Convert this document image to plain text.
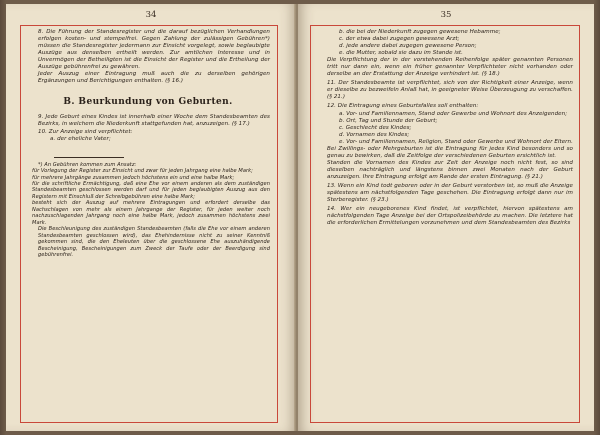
34

8. Die Führung der Standesregister und die darauf bezüglichen Verhandlungen erfolgen kosten- und stempelfrei. Gegen Zahlung der zulässigen Gebühren*) müssen die Standesregister jedermann zur Einsicht vorgelegt, sowie beglaubigte Auszüge aus denselben ertheilt werden. Zur amtlichen Interesse und in Unvermögen der Betheiligten ist die Einsicht der Register und die Ertheilung der Auszüge gebührenfrei zu gewähren.

Jeder Auszug einer Eintragung muß auch die zu derselben gehörigen Ergänzungen und Berichtigungen enthalten. (§ 16.)

B. Beurkundung von Geburten.

9. Jede Geburt eines Kindes ist innerhalb einer Woche dem Standesbeamten des Bezirks, in welchem die Niederkunft stattgefunden hat, anzuzeigen. (§ 17.)

10. Zur Anzeige sind verpflichtet:

a. der eheliche Vater;

*) An Gebühren kommen zum Ansatz:

für Vorlegung der Register zur Einsicht und zwar für jeden Jahrgang eine halbe Mark;

für mehrere Jahrgänge zusammen jedoch höchstens ein und eine halbe Mark;

für die schriftliche Ermächtigung, daß eine Ehe vor einem anderen als dem zuständigen Standesbeamten geschlossen werden darf und für jeden beglaubigten Auszug aus den Registern mit Einschluß der Schreibgebühren eine halbe Mark;

besteht sich der Auszug auf mehrere Eintragungen und erfordert derselbe das Nachschlagen von mehr als einem Jahrgange der Register, für jeden weiter noch nachzuschlagenden Jahrgang noch eine halbe Mark, jedoch zusammen höchstens zwei Mark.

Die Beschleunigung des zuständigen Standesbeamten (falls die Ehe vor einem anderen Standesbeamten geschlossen wird), das Ehehindernisse nicht zu seiner Kenntniß gekommen sind, die den Eheleuten über die geschlossene Ehe auszuhändigende Bescheinigung, Bescheinigungen zum Zweck der Taufe oder der Beerdigung sind gebührenfrei.

35

b. die bei der Niederkunft zugegen gewesene Hebamme;

c. der etwa dabei zugegen gewesene Arzt;

d. jede andere dabei zugegen gewesene Person;

e. die Mutter, sobald sie dazu im Stande ist.

Die Verpflichtung der in der vorstehenden Reihenfolge später genannten Personen tritt nur dann ein, wenn ein früher genannter Verpflichteter nicht vorhanden oder derselbe an der Erstattung der Anzeige verhindert ist. (§ 18.)

11. Der Standesbeamte ist verpflichtet, sich von der Richtigkeit einer Anzeige, wenn er dieselbe zu bezweifeln Anlaß hat, in geeigneter Weise Überzeugung zu verschaffen. (§ 21.)

12. Die Eintragung eines Geburtsfalles soll enthalten:

a. Vor- und Familiennamen, Stand oder Gewerbe und Wohnort des Anzeigenden;

b. Ort, Tag und Stunde der Geburt;

c. Geschlecht des Kindes;

d. Vornamen des Kindes;

e. Vor- und Familiennamen, Religion, Stand oder Gewerbe und Wohnort der Eltern.

Bei Zwillings- oder Mehrgeburten ist die Eintragung für jedes Kind besonders und so genau zu bewirken, daß die Zeitfolge der verschiedenen Geburten ersichtlich ist.

Standen die Vornamen des Kindes zur Zeit der Anzeige noch nicht fest, so sind dieselben nachträglich und längstens binnen zwei Monaten nach der Geburt anzuzeigen. Ihre Eintragung erfolgt am Rande der ersten Eintragung. (§ 21.)

13. Wenn ein Kind todt geboren oder in der Geburt verstorben ist, so muß die Anzeige spätestens am nächstfolgenden Tage geschehen. Die Eintragung erfolgt dann nur im Sterberegister. (§ 23.)

14. Wer ein neugeborenes Kind findet, ist verpflichtet, hiervon spätestens am nächstfolgenden Tage Anzeige bei der Ortspolizeibehörde zu machen. Die letztere hat die erforderlichen Ermittelungen vorzunehmen und dem Standesbeamten des Bezirks
